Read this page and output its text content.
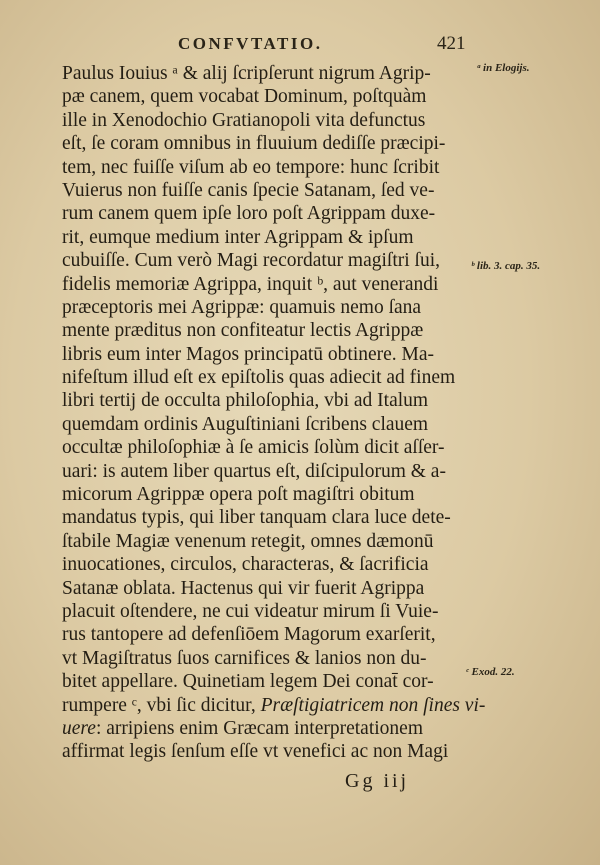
CONFVTATIO.	421
Paulus Iouius ᵃ & alij ſcripſerunt nigrum Agrip-
pæ canem, quem vocabat Dominum, poſtquàm
ille in Xenodochio Gratianopoli vita defunctus
eſt, ſe coram omnibus in fluuium dediſſe præcipi-
tem, nec fuiſſe viſum ab eo tempore: hunc ſcribit
Vuierus non fuiſſe canis ſpecie Satanam, ſed ve-
rum canem quem ipſe loro poſt Agrippam duxe-
rit, eumque medium inter Agrippam & ipſum
cubuiſſe. Cum verò Magi recordatur magiſtri ſui,
fidelis memoriæ Agrippa, inquit ᵇ, aut venerandi
præceptoris mei Agrippæ: quamuis nemo ſana
mente præditus non confiteatur lectis Agrippæ
libris eum inter Magos principatū obtinere. Ma-
nifeſtum illud eſt ex epiſtolis quas adiecit ad finem
libri tertij de occulta philoſophia, vbi ad Italum
quemdam ordinis Auguſtiniani ſcribens clauem
occultæ philoſophiæ à ſe amicis ſolùm dicit aſſer-
uari: is autem liber quartus eſt, diſcipulorum & a-
micorum Agrippæ opera poſt magiſtri obitum
mandatus typis, qui liber tanquam clara luce dete-
ſtabile Magiæ venenum retegit, omnes dæmonū
inuocationes, circulos, characteras, & ſacrificia
Satanæ oblata. Hactenus qui vir fuerit Agrippa
placuit oſtendere, ne cui videatur mirum ſi Vuie-
rus tantopere ad defenſiōem Magorum exarſerit,
vt Magiſtratus ſuos carnifices & lanios non du-
bitet appellare. Quinetiam legem Dei conat̄ cor-
rumpere ᶜ, vbi ſic dicitur, Præſtigiatricem non ſines vi-
uere: arripiens enim Græcam interpretationem
affirmat legis ſenſum eſſe vt venefici ac non Magi
ᵃ in Elogijs.
ᵇ lib. 3. cap. 35.
ᶜ Exod. 22.
Gg iij
